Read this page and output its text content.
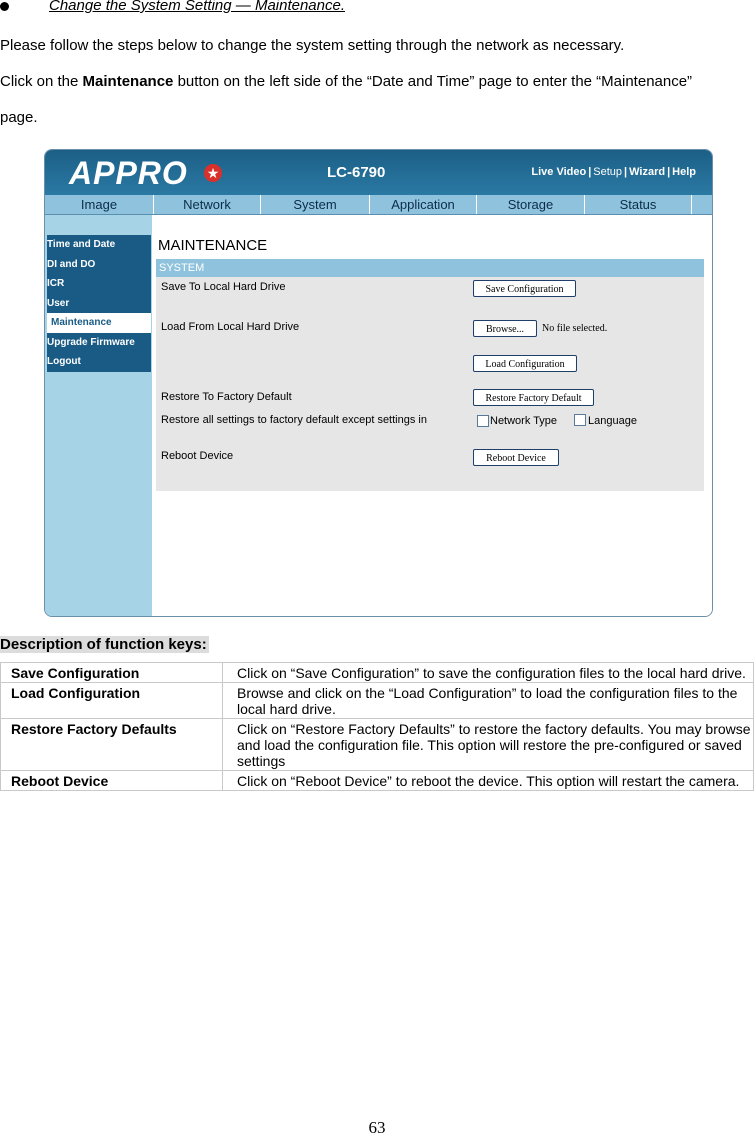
Change the System Setting — Maintenance.
Please follow the steps below to change the system setting through the network as necessary.
Click on the Maintenance button on the left side of the “Date and Time” page to enter the “Maintenance”
page.
APPRO ★	LC-6790	Live Video | Setup | Wizard | Help
Image	Network	System	Application	Storage	Status
Time and Date
DI and DO
ICR
User
Maintenance
Upgrade Firmware
Logout
MAINTENANCE
SYSTEM
Save To Local Hard Drive	Save Configuration
Load From Local Hard Drive	Browse...	No file selected.
Load Configuration
Restore To Factory Default	Restore Factory Default
Restore all settings to factory default except settings in	Network Type	Language
Reboot Device	Reboot Device
Description of function keys:
Save Configuration	Click on “Save Configuration” to save the configuration files to the local hard drive.
Load Configuration	Browse and click on the “Load Configuration” to load the configuration files to the local hard drive.
Restore Factory Defaults	Click on “Restore Factory Defaults” to restore the factory defaults. You may browse and load the configuration file. This option will restore the pre-configured or saved settings
Reboot Device	Click on “Reboot Device” to reboot the device. This option will restart the camera.
63
